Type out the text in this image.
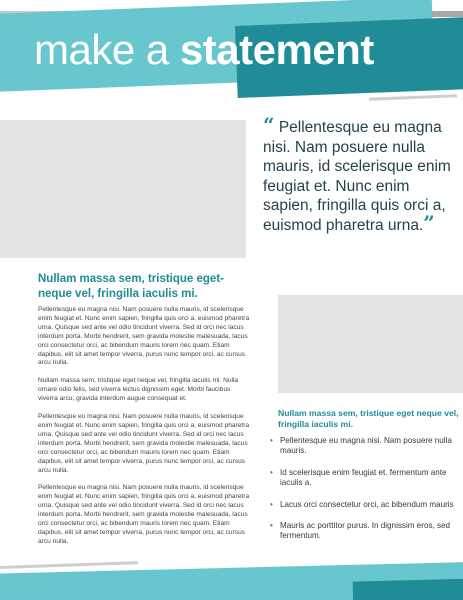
make a statement
Nullam massa sem, tristique eget-neque vel, fringilla iaculis mi.

Pellentesque eu magna nisi. Nam posuere nulla mauris, id scelerisque enim feugiat et. Nunc enim sapien, fringilla quis orci a, euismod pharetra urna. Quisque sed ante vel odio tincidunt viverra. Sed id orci nec lacus interdum porta. Morbi hendrerit, sem gravida molestie malesuada, lacus orci consectetur orci, ac bibendum mauris lorem nec quam. Etiam dapibus, elit sit amet tempor viverra, purus nunc tempor orci, ac cursus arcu nulla.

Nullam massa sem, tristique eget neque vel, fringilla iaculis mi. Nulla ornare odio felis, sed viverra lectus dignissim eget. Morbi faucibus viverra arcu, gravida interdum augue consequat et.

Pellentesque eu magna nisi. Nam posuere nulla mauris, id scelerisque enim feugiat et. Nunc enim sapien, fringilla quis orci a, euismod pharetra urna. Quisque sed ante vel odio tincidunt viverra. Sed id orci nec lacus interdum porta. Morbi hendrerit, sem gravida molestie malesuada, lacus orci consectetur orci, ac bibendum mauris lorem nec quam. Etiam dapibus, elit sit amet tempor viverra, purus nunc tempor orci, ac cursus arcu nulla.

Pellentesque eu magna nisi. Nam posuere nulla mauris, id scelerisque enim feugiat et. Nunc enim sapien, fringilla quis orci a, euismod pharetra urna. Quisque sed ante vel odio tincidunt viverra. Sed id orci nec lacus interdum porta. Morbi hendrerit, sem gravida molestie malesuada, lacus orci consectetur orci, ac bibendum mauris lorem nec quam. Etiam dapibus, elit sit amet tempor viverra, purus nunc tempor orci, ac cursus arcu nulla.

“ Pellentesque eu magna nisi. Nam posuere nulla mauris, id scelerisque enim feugiat et. Nunc enim sapien, fringilla quis orci a, euismod pharetra urna.”
Nullam massa sem, tristique eget neque vel, fringilla iaculis mi.
• Pellentesque eu magna nisi. Nam posuere nulla mauris.
• Id scelerisque enim feugiat et. fermentum ante iaculis a.
• Lacus orci consectetur orci, ac bibendum mauris
• Mauris ac porttitor purus. In dignissim eros, sed fermentum.
